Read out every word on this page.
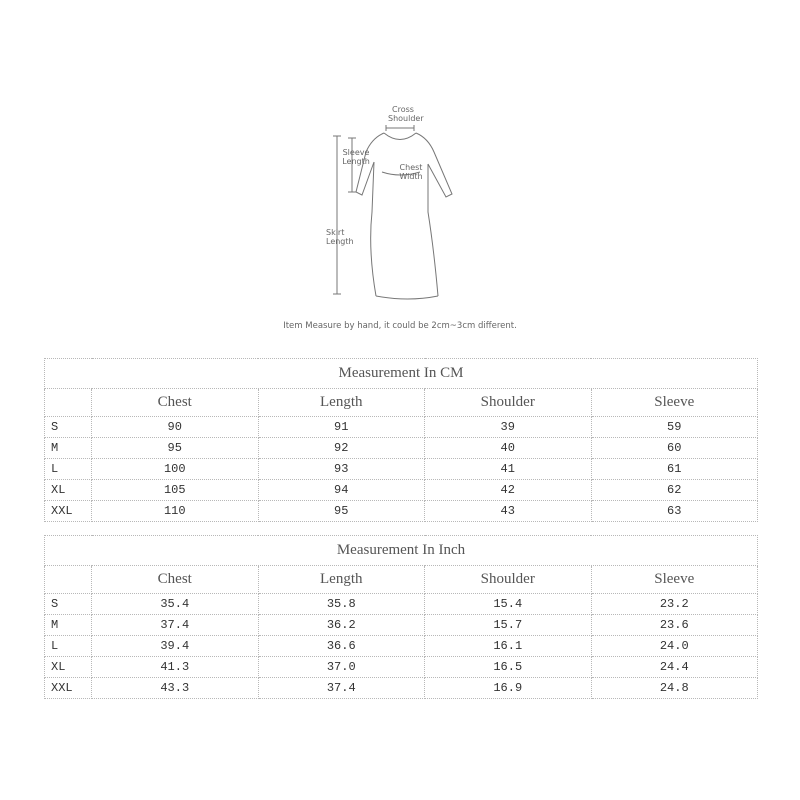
Cross
Shoulder
Sleeve
Length
Chest
Width
Skirt
Length
Item Measure by hand, it could be 2cm~3cm different.
Measurement In CM				
	Chest	Length	Shoulder	Sleeve
S	90	91	39	59
M	95	92	40	60
L	100	93	41	61
XL	105	94	42	62
XXL	110	95	43	63
Measurement In Inch				
	Chest	Length	Shoulder	Sleeve
S	35.4	35.8	15.4	23.2
M	37.4	36.2	15.7	23.6
L	39.4	36.6	16.1	24.0
XL	41.3	37.0	16.5	24.4
XXL	43.3	37.4	16.9	24.8
